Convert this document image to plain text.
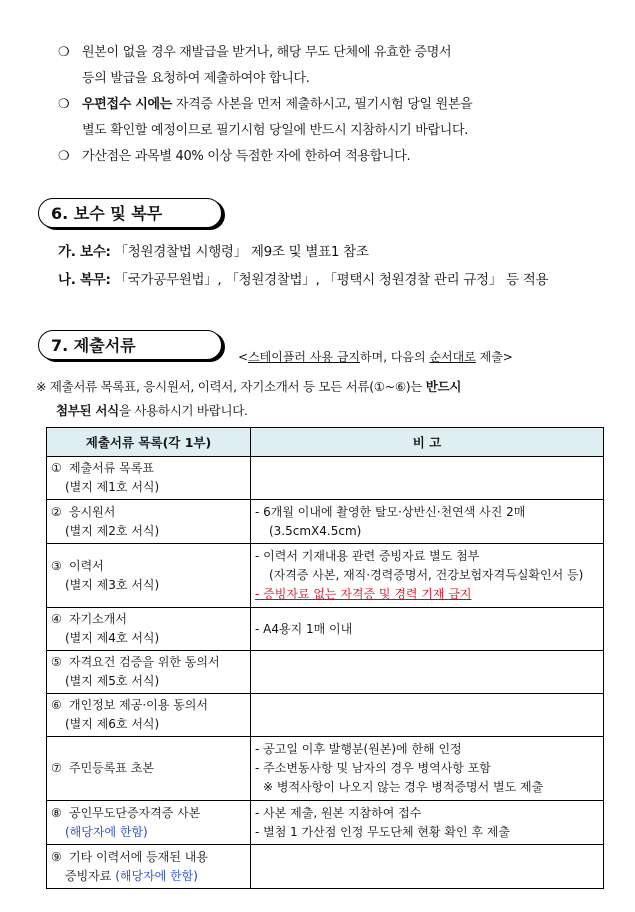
❍ 원본이 없을 경우 재발급을 받거나, 해당 무도 단체에 유효한 증명서
등의 발급을 요청하여 제출하여야 합니다.
❍ 우편접수 시에는 자격증 사본을 먼저 제출하시고, 필기시험 당일 원본을
별도 확인할 예정이므로 필기시험 당일에 반드시 지참하시기 바랍니다.
❍ 가산점은 과목별 40% 이상 득점한 자에 한하여 적용합니다.
6. 보수 및 복무
가. 보수: 「청원경찰법 시행령」 제9조 및 별표1 참조
나. 복무: 「국가공무원법」, 「청원경찰법」, 「평택시 청원경찰 관리 규정」 등 적용
7. 제출서류
<스테이플러 사용 금지하며, 다음의 순서대로 제출>
※ 제출서류 목록표, 응시원서, 이력서, 자기소개서 등 모든 서류(①~⑥)는 반드시
첨부된 서식을 사용하시기 바랍니다.
제출서류 목록(각 1부)	비 고
① 제출서류 목록표
(별지 제1호 서식)	

② 응시원서
(별지 제2호 서식)	- 6개월 이내에 촬영한 탈모·상반신·천연색 사진 2매
(3.5cmX4.5cm)
③ 이력서
(별지 제3호 서식)	- 이력서 기재내용 관련 증빙자료 별도 첨부
(자격증 사본, 재직·경력증명서, 건강보험자격득실확인서 등)
- 증빙자료 없는 자격증 및 경력 기재 금지
④ 자기소개서
(별지 제4호 서식)	- A4용지 1매 이내
⑤ 자격요건 검증을 위한 동의서
(별지 제5호 서식)	

⑥ 개인정보 제공·이용 동의서
(별지 제6호 서식)	

⑦ 주민등록표 초본	- 공고일 이후 발행분(원본)에 한해 인정
- 주소변동사항 및 남자의 경우 병역사항 포함
※ 병적사항이 나오지 않는 경우 병적증명서 별도 제출
⑧ 공인무도단증자격증 사본
(해당자에 한함)	- 사본 제출, 원본 지참하여 접수
- 별첨 1 가산점 인정 무도단체 현황 확인 후 제출
⑨ 기타 이력서에 등재된 내용
증빙자료 (해당자에 한함)	
